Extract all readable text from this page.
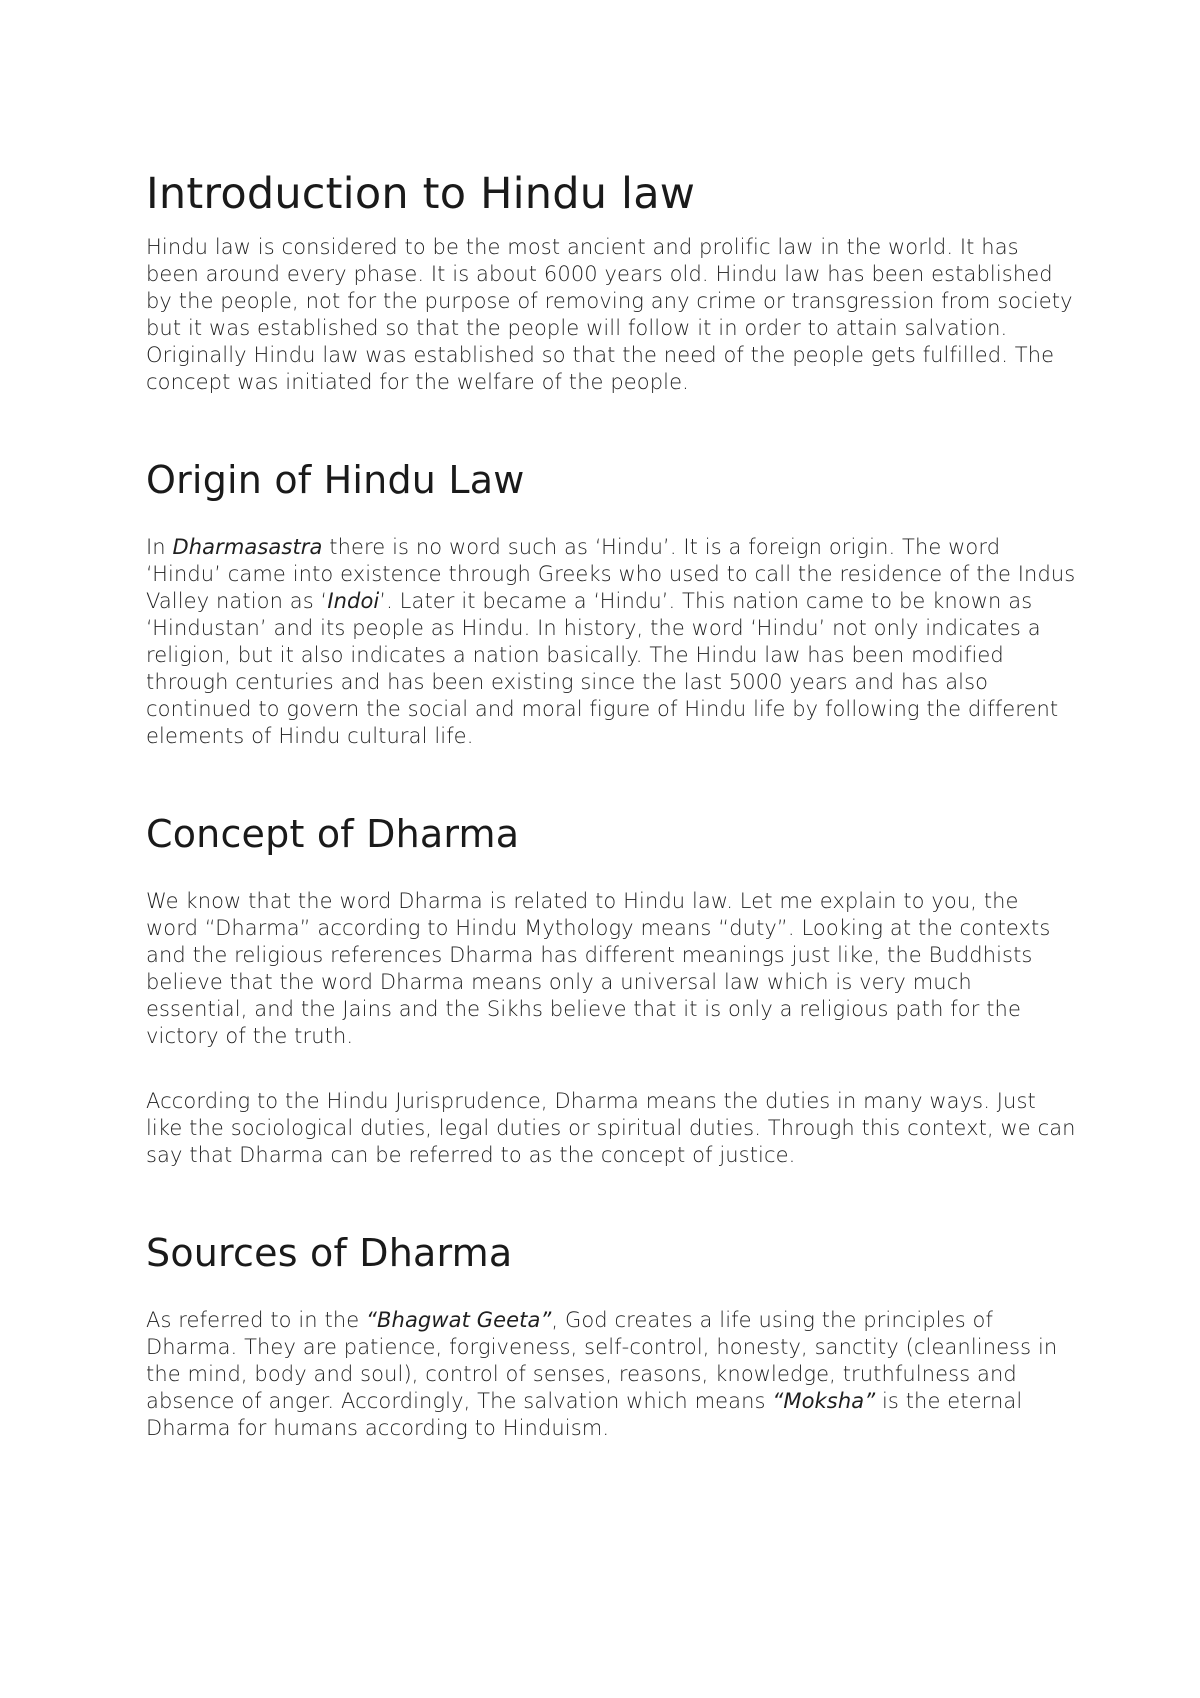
Introduction to Hindu law

Hindu law is considered to be the most ancient and prolific law in the world. It has been around every phase. It is about 6000 years old. Hindu law has been established by the people, not for the purpose of removing any crime or transgression from society but it was established so that the people will follow it in order to attain salvation. Originally Hindu law was established so that the need of the people gets fulfilled. The concept was initiated for the welfare of the people.

Origin of Hindu Law

In Dharmasastra there is no word such as ‘Hindu’. It is a foreign origin. The word ‘Hindu’ came into existence through Greeks who used to call the residence of the Indus Valley nation as ‘Indoi’. Later it became a ‘Hindu’. This nation came to be known as ‘Hindustan’ and its people as Hindu. In history, the word ‘Hindu’ not only indicates a religion, but it also indicates a nation basically. The Hindu law has been modified through centuries and has been existing since the last 5000 years and has also continued to govern the social and moral figure of Hindu life by following the different elements of Hindu cultural life.

Concept of Dharma

We know that the word Dharma is related to Hindu law. Let me explain to you, the word “Dharma” according to Hindu Mythology means “duty”. Looking at the contexts and the religious references Dharma has different meanings just like, the Buddhists believe that the word Dharma means only a universal law which is very much essential, and the Jains and the Sikhs believe that it is only a religious path for the victory of the truth.

According to the Hindu Jurisprudence, Dharma means the duties in many ways. Just like the sociological duties, legal duties or spiritual duties. Through this context, we can say that Dharma can be referred to as the concept of justice.

Sources of Dharma

As referred to in the “Bhagwat Geeta”, God creates a life using the principles of Dharma. They are patience, forgiveness, self-control, honesty, sanctity (cleanliness in the mind, body and soul), control of senses, reasons, knowledge, truthfulness and absence of anger. Accordingly, The salvation which means “Moksha” is the eternal Dharma for humans according to Hinduism.
